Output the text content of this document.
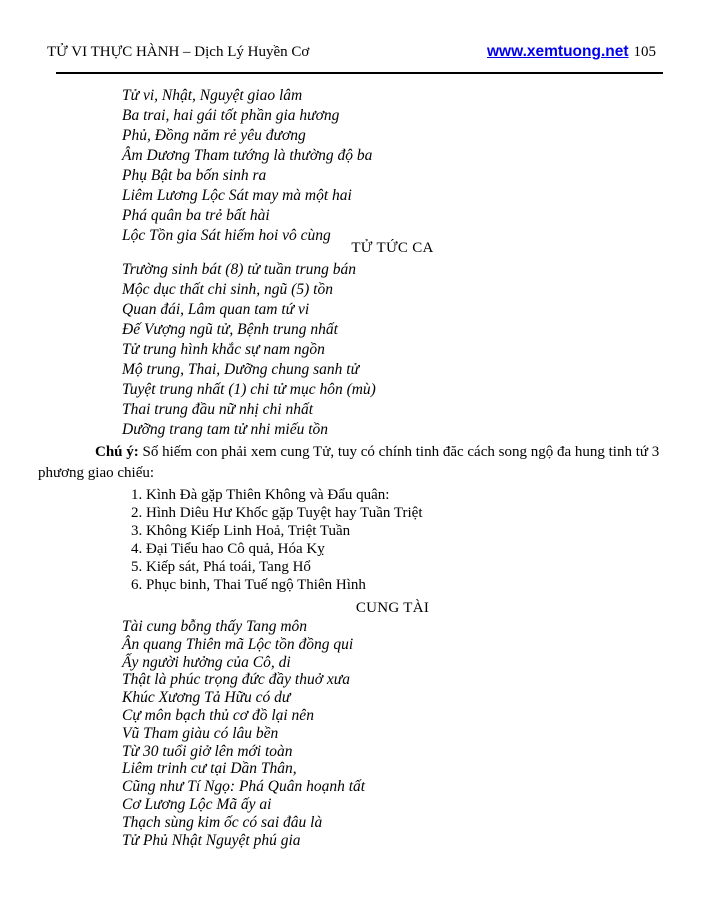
TỬ VI THỰC HÀNH – Dịch Lý Huyền Cơ	www.xemtuong.net 105
Tử vi, Nhật, Nguyệt giao lâm
Ba trai, hai gái tốt phần gia hương
Phủ, Đồng năm rẻ yêu đương
Âm Dương Tham tướng là thường độ ba
Phụ Bật ba bốn sinh ra
Liêm Lương Lộc Sát may mà một hai
Phá quân ba trẻ bất hài
Lộc Tồn gia Sát hiếm hoi vô cùng
TỬ TỨC CA
Trường sinh bát (8) tử tuần trung bán
Mộc dục thất chi sinh, ngũ (5) tồn
Quan đái, Lâm quan tam tứ vi
Đế Vượng ngũ tử, Bệnh trung nhất
Tử trung hình khắc sự nam ngồn
Mộ trung, Thai, Dưỡng chung sanh tử
Tuyệt trung nhất (1) chi tử mục hôn (mù)
Thai trung đầu nữ nhị chi nhất
Dưỡng trang tam tử nhi miếu tồn
Chú ý: Số hiếm con phải xem cung Tử, tuy có chính tinh đăc cách song ngộ đa hung tinh tứ 3
phương giao chiếu:
1. Kình Đà gặp Thiên Không và Đẩu quân:
2. Hình Diêu Hư Khốc gặp Tuyệt hay Tuần Triệt
3. Không Kiếp Linh Hoả, Triệt Tuần
4. Đại Tiểu hao Cô quả, Hóa Kỵ
5. Kiếp sát, Phá toái, Tang Hổ
6. Phục binh, Thai Tuế ngộ Thiên Hình
CUNG TÀI
Tài cung bỗng thấy Tang môn
Ân quang Thiên mã Lộc tồn đồng qui
Ấy người hưởng của Cô, di
Thật là phúc trọng đức đầy thuở xưa
Khúc Xương Tả Hữu có dư
Cự môn bạch thủ cơ đồ lại nên
Vũ Tham giàu có lâu bền
Từ 30 tuổi giở lên mới toàn
Liêm trinh cư tại Dần Thân,
Cũng như Tí Ngọ: Phá Quân hoạnh tất
Cơ Lương Lộc Mã ấy ai
Thạch sùng kim ốc có sai đâu là
Tử Phủ Nhật Nguyệt phú gia
